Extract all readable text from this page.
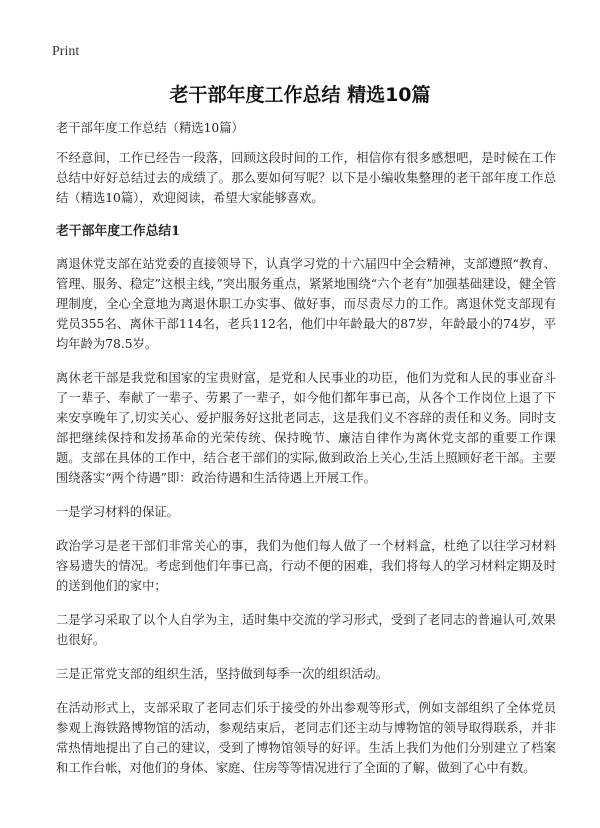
Print
老干部年度工作总结 精选10篇

老干部年度工作总结（精选10篇）

不经意间，工作已经告一段落，回顾这段时间的工作，相信你有很多感想吧，是时候在工作总结中好好总结过去的成绩了。那么要如何写呢？以下是小编收集整理的老干部年度工作总结（精选10篇），欢迎阅读，希望大家能够喜欢。

老干部年度工作总结1

离退休党支部在站党委的直接领导下，认真学习党的十六届四中全会精神，支部遵照“教育、管理、服务、稳定”这根主线，”突出服务重点，紧紧地围绕“六个老有”加强基础建设，健全管理制度，全心全意地为离退休职工办实事、做好事，而尽责尽力的工作。离退休党支部现有党员355名、离休干部114名，老兵112名，他们中年龄最大的87岁，年龄最小的74岁，平均年龄为78.5岁。

离休老干部是我党和国家的宝贵财富，是党和人民事业的功臣，他们为党和人民的事业奋斗了一辈子、奉献了一辈子、劳累了一辈子，如今他们都年事已高，从各个工作岗位上退了下来安享晚年了,切实关心、爱护服务好这批老同志，这是我们义不容辞的责任和义务。同时支部把继续保持和发扬革命的光荣传统、保持晚节、廉洁自律作为离休党支部的重要工作课题。支部在具体的工作中，结合老干部们的实际,做到政治上关心,生活上照顾好老干部。主要围绕落实“两个待遇”即：政治待遇和生活待遇上开展工作。

一是学习材料的保证。

政治学习是老干部们非常关心的事，我们为他们每人做了一个材料盒，杜绝了以往学习材料容易遗失的情况。考虑到他们年事已高，行动不便的困难，我们将每人的学习材料定期及时的送到他们的家中；

二是学习采取了以个人自学为主，适时集中交流的学习形式，受到了老同志的普遍认可,效果也很好。

三是正常党支部的组织生活，坚持做到每季一次的组织活动。

在活动形式上，支部采取了老同志们乐于接受的外出参观等形式，例如支部组织了全体党员参观上海铁路博物馆的活动，参观结束后，老同志们还主动与博物馆的领导取得联系，并非常热情地提出了自己的建议，受到了博物馆领导的好评。生活上我们为他们分别建立了档案和工作台帐，对他们的身体、家庭、住房等等情况进行了全面的了解，做到了心中有数。
